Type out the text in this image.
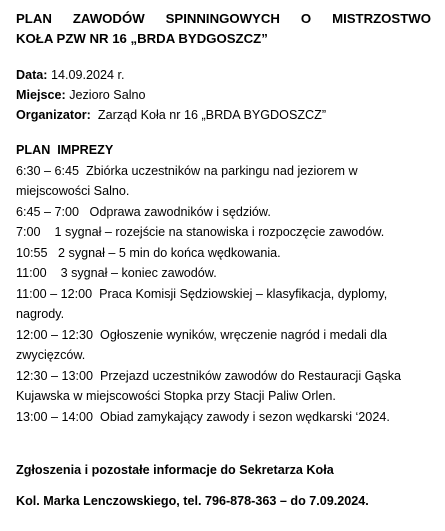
PLAN ZAWODÓW SPINNINGOWYCH O MISTRZOSTWO
KOŁA PZW NR 16 „BRDA BYDGOSZCZ”
Data: 14.09.2024 r.
Miejsce: Jezioro Salno
Organizator:  Zarząd Koła nr 16 „BRDA BYGDOSZCZ”
PLAN  IMPREZY
6:30 – 6:45  Zbiórka uczestników na parkingu nad jeziorem w miejscowości Salno.
6:45 – 7:00   Odprawa zawodników i sędziów.
7:00    1 sygnał – rozejście na stanowiska i rozpoczęcie zawodów.
10:55   2 sygnał – 5 min do końca wędkowania.
11:00    3 sygnał – koniec zawodów.
11:00 – 12:00  Praca Komisji Sędziowskiej – klasyfikacja, dyplomy, nagrody.
12:00 – 12:30  Ogłoszenie wyników, wręczenie nagród i medali dla zwycięzców.
12:30 – 13:00  Przejazd uczestników zawodów do Restauracji Gąska Kujawska w miejscowości Stopka przy Stacji Paliw Orlen.
13:00 – 14:00  Obiad zamykający zawody i sezon wędkarski ‘2024.
Zgłoszenia i pozostałe informacje do Sekretarza Koła
Kol. Marka Lenczowskiego, tel. 796-878-363 – do 7.09.2024.
